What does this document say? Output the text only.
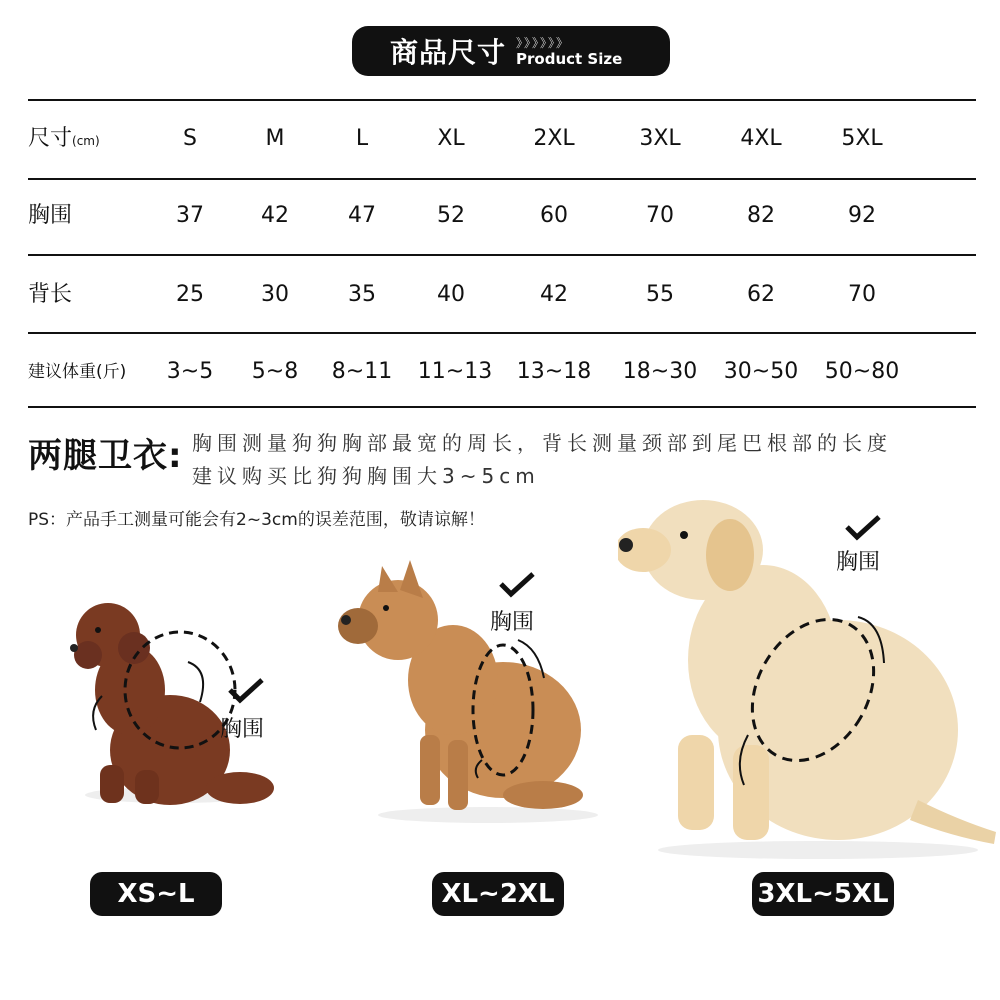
商品尺寸 》》》》》》
Product Size
尺寸(cm)	S	M	L	XL	2XL	3XL	4XL	5XL
胸围	37	42	47	52	60	70	82	92
背长	25	30	35	40	42	55	62	70
建议体重(斤)	3~5	5~8	8~11	11~13	13~18	18~30	30~50	50~80
两腿卫衣: 胸围测量狗狗胸部最宽的周长，背长测量颈部到尾巴根部的长度
建议购买比狗狗胸围大3~5cm
PS：产品手工测量可能会有2~3cm的误差范围，敬请谅解！
胸围
XS~L
胸围
XL~2XL
胸围
3XL~5XL
